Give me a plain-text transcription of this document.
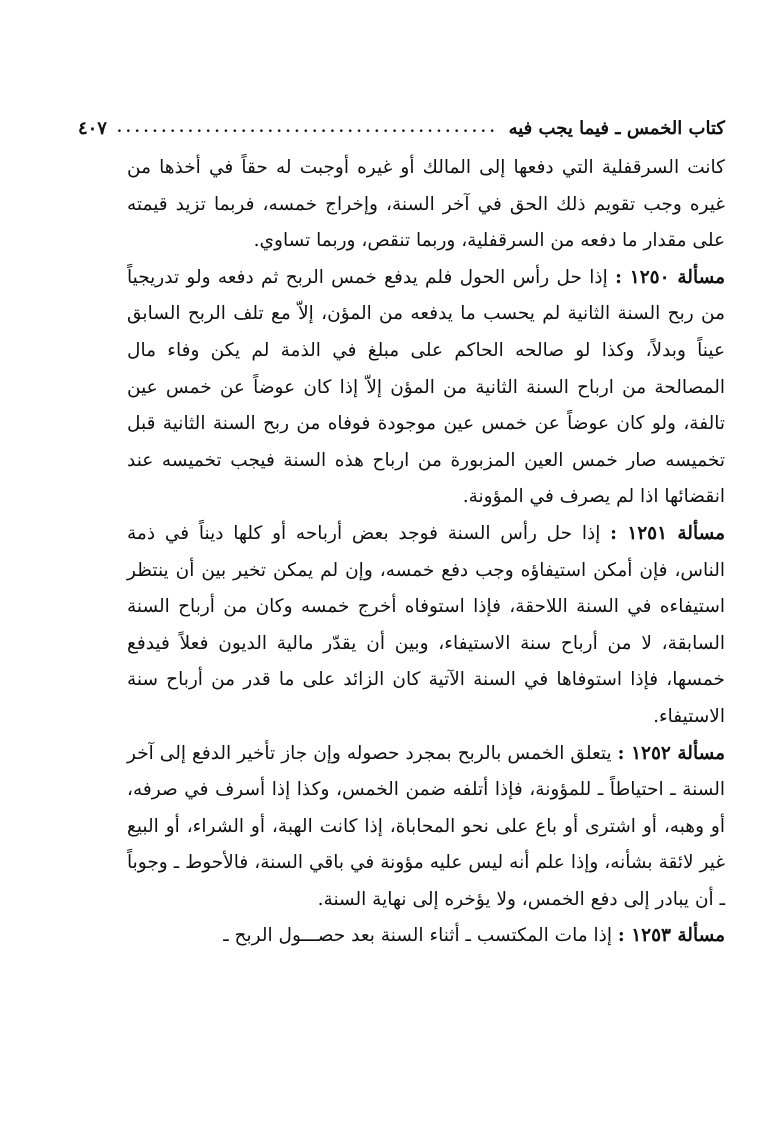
كتاب الخمس ـ فيما يجب فيه
...........................................
٤٠٧

كانت السرقفلية التي دفعها إلى المالك أو غيره أوجبت له حقاً في أخذها من غيره وجب تقويم ذلك الحق في آخر السنة، وإخراج خمسه، فربما تزيد قيمته على مقدار ما دفعه من السرقفلية، وربما تنقص، وربما تساوي.

مسألة ١٢٥٠ : إذا حل رأس الحول فلم يدفع خمس الربح ثم دفعه ولو تدريجياً من ربح السنة الثانية لم يحسب ما يدفعه من المؤن، إلاّ مع تلف الربح السابق عيناً وبدلاً، وكذا لو صالحه الحاكم على مبلغ في الذمة لم يكن وفاء مال المصالحة من ارباح السنة الثانية من المؤن إلاّ إذا كان عوضاً عن خمس عين تالفة، ولو كان عوضاً عن خمس عين موجودة فوفاه من ربح السنة الثانية قبل تخميسه صار خمس العين المزبورة من ارباح هذه السنة فيجب تخميسه عند انقضائها اذا لم يصرف في المؤونة.

مسألة ١٢٥١ : إذا حل رأس السنة فوجد بعض أرباحه أو كلها ديناً في ذمة الناس، فإن أمكن استيفاؤه وجب دفع خمسه، وإن لم يمكن تخير بين أن ينتظر استيفاءه في السنة اللاحقة، فإذا استوفاه أخرج خمسه وكان من أرباح السنة السابقة، لا من أرباح سنة الاستيفاء، وبين أن يقدّر مالية الديون فعلاً فيدفع خمسها، فإذا استوفاها في السنة الآتية كان الزائد على ما قدر من أرباح سنة الاستيفاء.

مسألة ١٢٥٢ : يتعلق الخمس بالربح بمجرد حصوله وإن جاز تأخير الدفع إلى آخر السنة ـ احتياطاً ـ للمؤونة، فإذا أتلفه ضمن الخمس، وكذا إذا أسرف في صرفه، أو وهبه، أو اشترى أو باع على نحو المحاباة، إذا كانت الهبة، أو الشراء، أو البيع غير لائقة بشأنه، وإذا علم أنه ليس عليه مؤونة في باقي السنة، فالأحوط ـ وجوباً ـ أن يبادر إلى دفع الخمس، ولا يؤخره إلى نهاية السنة.

مسألة ١٢٥٣ : إذا مات المكتسب ـ أثناء السنة بعد حصـــول الربح ـ
